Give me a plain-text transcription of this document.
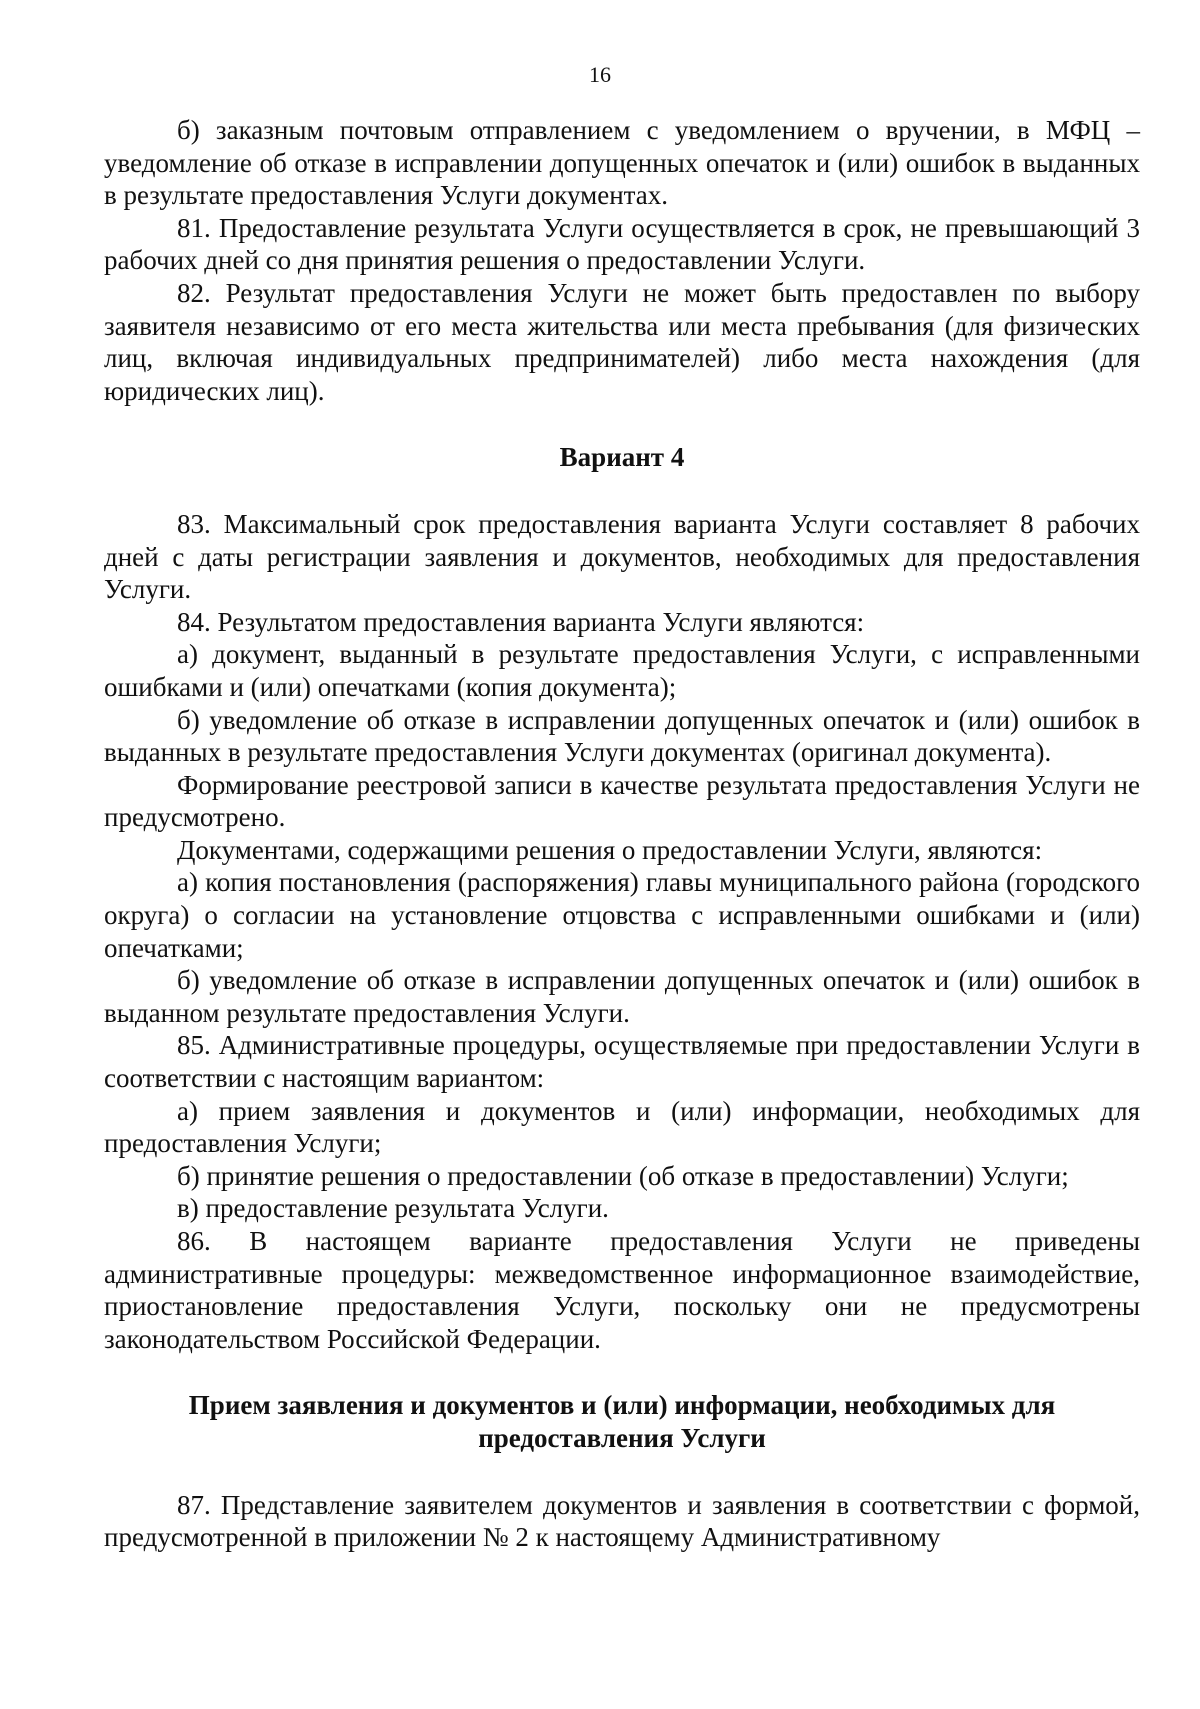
16

б) заказным почтовым отправлением с уведомлением о вручении, в МФЦ – уведомление об отказе в исправлении допущенных опечаток и (или) ошибок в выданных в результате предоставления Услуги документах.

81. Предоставление результата Услуги осуществляется в срок, не превышающий 3 рабочих дней со дня принятия решения о предоставлении Услуги.

82. Результат предоставления Услуги не может быть предоставлен по выбору заявителя независимо от его места жительства или места пребывания (для физических лиц, включая индивидуальных предпринимателей) либо места нахождения (для юридических лиц).

Вариант 4

83. Максимальный срок предоставления варианта Услуги составляет 8 рабочих дней с даты регистрации заявления и документов, необходимых для предоставления Услуги.

84. Результатом предоставления варианта Услуги являются:

а) документ, выданный в результате предоставления Услуги, с исправленными ошибками и (или) опечатками (копия документа);

б) уведомление об отказе в исправлении допущенных опечаток и (или) ошибок в выданных в результате предоставления Услуги документах (оригинал документа).

Формирование реестровой записи в качестве результата предоставления Услуги не предусмотрено.

Документами, содержащими решения о предоставлении Услуги, являются:

а) копия постановления (распоряжения) главы муниципального района (городского округа) о согласии на установление отцовства с исправленными ошибками и (или) опечатками;

б) уведомление об отказе в исправлении допущенных опечаток и (или) ошибок в выданном результате предоставления Услуги.

85. Административные процедуры, осуществляемые при предоставлении Услуги в соответствии с настоящим вариантом:

а) прием заявления и документов и (или) информации, необходимых для предоставления Услуги;

б) принятие решения о предоставлении (об отказе в предоставлении) Услуги;

в) предоставление результата Услуги.

86. В настоящем варианте предоставления Услуги не приведены административные процедуры: межведомственное информационное взаимодействие, приостановление предоставления Услуги, поскольку они не предусмотрены законодательством Российской Федерации.

Прием заявления и документов и (или) информации, необходимых для
предоставления Услуги

87. Представление заявителем документов и заявления в соответствии с формой, предусмотренной в приложении № 2 к настоящему Административному
